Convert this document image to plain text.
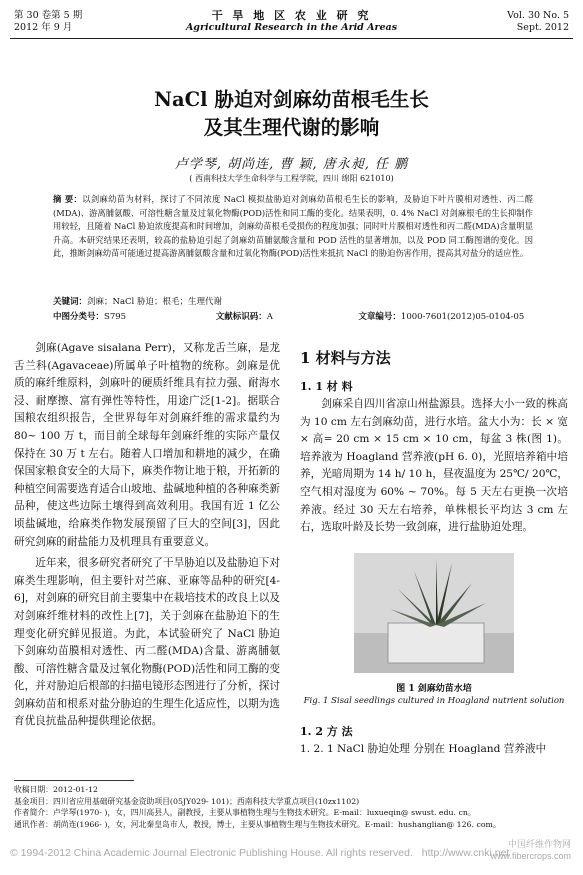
第 30 卷第 5 期
2012 年 9 月
干 旱 地 区 农 业 研 究
Agricultural Research in the Arid Areas
Vol. 30 No. 5
Sept. 2012
NaCl 胁迫对剑麻幼苗根毛生长
及其生理代谢的影响
卢学琴, 胡尚连, 曹 颖, 唐永昶, 任 鹏
( 西南科技大学生命科学与工程学院，四川 绵阳 621010)
摘 要：以剑麻幼苗为材料，探讨了不同浓度 NaCl 模拟盐胁迫对剑麻幼苗根毛生长的影响，及胁迫下叶片膜相对透性、丙二醛(MDA)、游离脯氨酸、可溶性糖含量及过氧化物酶(POD)活性和同工酶的变化。结果表明，0. 4% NaCl 对剑麻根毛的生长抑制作用较轻，且随着 NaCl 胁迫浓度提高和时间增加，剑麻幼苗根毛受损伤的程度加强；同时叶片膜相对透性和丙二醛(MDA)含量明显升高。本研究结果还表明，较高的盐胁迫引起了剑麻幼苗脯氨酸含量和 POD 活性的显著增加，以及 POD 同工酶图谱的变化。因此，推断剑麻幼苗可能通过提高游离脯氨酸含量和过氧化物酶(POD)活性来抵抗 NaCl 的胁迫伤害作用，提高其对盐分的适应性。
关键词：剑麻；NaCl 胁迫；根毛；生理代谢
中图分类号：S795	文献标识码：A	文章编号：1000-7601(2012)05-0104-05

剑麻(Agave sisalana Perr)，又称龙舌兰麻，是龙舌兰科(Agavaceae)所属单子叶植物的统称。剑麻是优质的麻纤维原料，剑麻叶的硬质纤维具有拉力强、耐海水浸、耐摩擦、富有弹性等特性，用途广泛[1-2]。据联合国粮农组织报告，全世界每年对剑麻纤维的需求量约为 80~ 100 万 t，而目前全球每年剑麻纤维的实际产量仅保持在 30 万 t 左右。随着人口增加和耕地的减少，在确保国家粮食安全的大局下，麻类作物让地于粮，开拓新的种植空间需要选育适合山坡地、盐碱地种植的各种麻类新品种，使这些边际土壤得到高效利用。我国有近 1 亿公顷盐碱地，给麻类作物发展预留了巨大的空间[3]，因此研究剑麻的耐盐能力及机理具有重要意义。

近年来，很多研究者研究了干旱胁迫以及盐胁迫下对麻类生理影响，但主要针对苎麻、亚麻等品种的研究[4-6]，对剑麻的研究目前主要集中在栽培技术的改良上以及对剑麻纤维材料的改性上[7]，关于剑麻在盐胁迫下的生理变化研究鲜见报道。为此，本试验研究了 NaCl 胁迫下剑麻幼苗膜相对透性、丙二醛(MDA)含量、游离脯氨酸、可溶性糖含量及过氧化物酶(POD)活性和同工酶的变化，并对胁迫后根部的扫描电镜形态图进行了分析，探讨剑麻幼苗和根系对盐分胁迫的生理生化适应性，以期为选育优良抗盐品种提供理论依据。

1 材料与方法
1. 1 材 料

剑麻采自四川省凉山州盐源县。选择大小一致的株高为 10 cm 左右剑麻幼苗，进行水培。盆大小为：长 × 宽 × 高= 20 cm × 15 cm × 10 cm，每盆 3 株(图 1)。培养液为 Hoagland 营养液(pH 6. 0)，光照培养箱中培养，光暗周期为 14 h/ 10 h，昼夜温度为 25℃/ 20℃，空气相对湿度为 60% ~ 70%。每 5 天左右更换一次培养液。经过 30 天左右培养，单株根长平均达 3 cm 左右，选取叶龄及长势一致剑麻，进行盐胁迫处理。

图 1 剑麻幼苗水培
Fig. 1 Sisal seedlings cultured in Hoagland nutrient solution
1. 2 方 法

1. 2. 1 NaCl 胁迫处理 分别在 Hoagland 营养液中

收稿日期：2012-01-12
基金项目：四川省应用基础研究基金资助项目(05JY029- 101)；西南科技大学重点项目(10zx1102)
作者简介：卢学琴(1970- )，女，四川高县人，副教授，主要从事植物生理与生物技术研究。E-mail：luxueqin@ swust. edu. cn。
通讯作者：胡尚连(1966- )，女，河北秦皇岛市人，教授，博士，主要从事植物生理与生物技术研究。E-mail：hushanglian@ 126. com。
© 1994-2012 China Academic Journal Electronic Publishing House. All rights reserved. http://www.cnki.net
中国纤维作物网
www.fibercrops.com
